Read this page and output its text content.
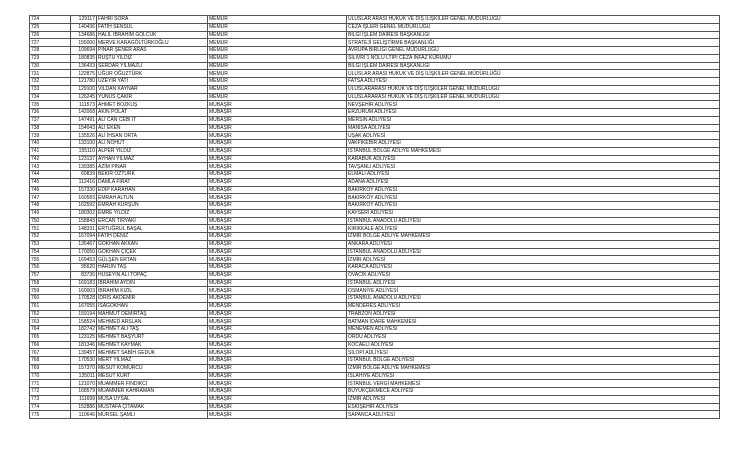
724	129117	FAHRİ SORA	MEMUR	ULUSLAR ARASI HUKUK VE DIŞ İLİŞKİLER GENEL MÜDÜRLÜĞÜ
725	140436	FATİH SENSUL	MEMUR	CEZA İŞLERİ GENEL MÜDÜRLÜĞÜ
726	134686	HALİL İBRAHİM GÖLCÜK	MEMUR	BİLGİ İŞLEM DAİRESİ BAŞKANLIĞI
727	155000	MERVE KARAGÖLTÜRKOĞLU	MEMUR	STRATEJİ GELİŞTİRME BAŞKANLIĞI
728	109694	PINAR ŞENER ARAS	MEMUR	AVRUPA BİRLİĞİ GENEL MÜDÜRLÜĞÜ
729	180835	RÜŞTÜ YILDIZ	MEMUR	SİLİVRİ 1 NOLU LTİPİ CEZA İNFAZ KURUMU
730	136433	SERDAR YILMAZLI	MEMUR	BİLGİ İŞLEM DAİRESİ BAŞKANLIĞI
731	122875	UĞUR OĞUZTÜRK	MEMUR	ULUSLAR ARASI HUKUK VE DIŞ İLİŞKİLER GENEL MÜDÜRLÜĞÜ
732	121780	ÜZEYİR YATI	MEMUR	FATSA ADLİYESİ
733	129100	VİLDAN KAYNAR	MEMUR	ULUSLARARASI HUKUK VE DIŞ İLİŞKİLER GENEL MÜDÜRLÜĞÜ
734	126245	YUNUS ÇAKIR	MEMUR	ULUSLARARASI HUKUK VE DIŞ İLİŞKİLER GENEL MÜDÜRLÜĞÜ
735	111573	AHMET BOZKUŞ	MUBAŞİR	NEVŞEHİR ADLİYESİ
736	142068	AKIN POLAT	MUBAŞİR	ERZURUM ADLİYESİ
737	147491	ALİ CAN CEBİ IT	MUBAŞİR	MERSİN ADLİYESİ
738	154043	ALİ EKEN	MUBAŞİR	MANİSA ADLİYESİ
739	135526	ALİ İHSAN ORTA	MUBAŞİR	UŞAK ADLİYESİ
740	133100	ALİ NOHUT	MUBAŞİR	VAKFIKEBİR ADLİYESİ
741	155110	ALPER YILDIZ	MUBAŞİR	İSTANBUL BÖLGE ADLİYE MAHKEMESİ
742	123137	AYHAN YILMAZ	MUBAŞİR	KARABÜK ADLİYESİ
743	139385	AZİM PINAR	MUBAŞİR	TAVŞANLI ADLİYESİ
744	60839	BEKİR ÖZTÜRK	MUBAŞİR	ELMALI ADLİYESİ
745	112416	DAMLA FIRAT	MUBAŞİR	ADANA ADLİYESİ
746	157330	EDİP KARAHAN	MUBAŞİR	BAKIRKÖY ADLİYESİ
747	160583	EMRAH ALTUN	MUBAŞİR	BAKIRKÖY ADLİYESİ
748	162592	EMRAH KURŞUN	MUBAŞİR	BAKIRKÖY ADLİYESİ
749	180302	EMRE YILDIZ	MUBAŞİR	KAYSERİ ADLİYESİ
750	158843	ERCAN TİRYAKİ	MUBAŞİR	İSTANBUL ANADOLU ADLİYESİ
751	148331	ERTUĞRUL BAŞAL	MUBAŞİR	KIRIKKALE ADLİYESİ
752	167094	FATİH DENİZ	MUBAŞİR	İZMİR BÖLGE ADLİYE MAHKEMESİ
753	135467	GÖKHAN AKKAN	MUBAŞİR	ANKARA ADLİYESİ
754	170050	GÖKHAN ÇİÇEK	MUBAŞİR	İSTANBUL ANADOLU ADLİYESİ
755	169453	GÜLŞEN ERTAN	MUBAŞİR	İZMİR ADLİYESİ
756	95620	HARUN TAŞ	MUBAŞİR	KARACA ADLİYESİ
757	83730	HÜSEYİN ALİ TOPAÇ	MUBAŞİR	OVACIK ADLİYESİ
758	169183	İBRAHİM AYDIN	MUBAŞİR	İSTANBUL ADLİYESİ
759	160003	İBRAHİM KIZIL	MUBAŞİR	OSMANİYE ADLİYESİ
760	170528	İDRİS AKDEMİR	MUBAŞİR	İSTANBUL ANADOLU ADLİYESİ
761	167055	İSAGÖKHAN	MUBAŞİR	MENDERES ADLİYESİ
762	159194	MAHMUT DEMİRTAŞ	MUBAŞİR	TRABZON ADLİYESİ
763	158524	MEHMED ARSLAN	MUBAŞİR	BATMAN İDARE MAHKEMESİ
764	182742	MEHMET ALİ TAŞ	MUBAŞİR	MENEMEN ADLİYESİ
765	123125	MEHMET BAŞYURT	MUBAŞİR	ORDU ADLİYESİ
766	181346	MEHMET KAYMAK	MUBAŞİR	KOCAELİ ADLİYESİ
767	139457	MEHMET SABİH GEDUK	MUBAŞİR	SİLOPİ ADLİYESİ
768	170530	MERT YILMAZ	MUBAŞİR	İSTANBUL BÖLGE ADLİYESİ
769	157370	MESUT KÖMÜRCÜ	MUBAŞİR	İZMİR BÖLGE ADLİYE MAHKEMESİ
770	135011	MESUT KURT	MUBAŞİR	İSLAHİYE ADLİYESİ
771	121070	MUAMMER FINDIKCI	MUBAŞİR	İSTANBUL VERGİ MAHKEMESİ
772	168579	MUAMMER KAHRAMAN	MUBAŞİR	BÜYÜKÇEKMECE ADLİYESİ
773	111699	MUSA UYSAL	MUBAŞİR	İZMİR ADLİYESİ
774	152886	MUSTAFA ÇITAMAK	MUBAŞİR	ESKİŞEHİR ADLİYESİ
775	110646	MÜRSEL ŞAMLI	MUBAŞİR	SAPANCA ADLİYESİ
